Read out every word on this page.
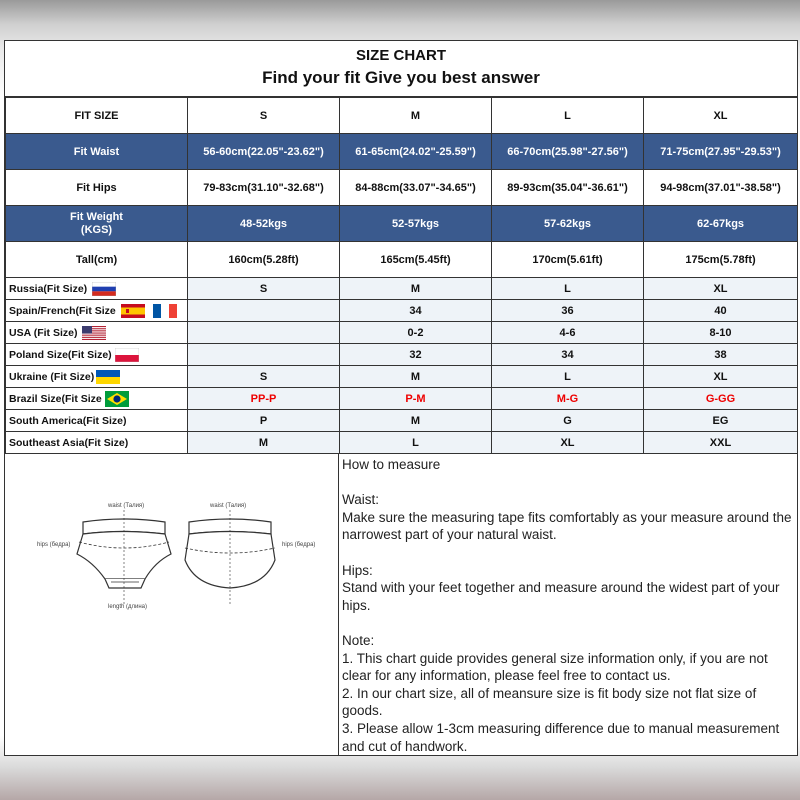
SIZE CHART
Find your fit Give you best answer
FIT SIZE	S	M	L	XL
Fit Waist	56-60cm(22.05"-23.62")	61-65cm(24.02"-25.59")	66-70cm(25.98"-27.56")	71-75cm(27.95"-29.53")
Fit Hips	79-83cm(31.10"-32.68")	84-88cm(33.07"-34.65")	89-93cm(35.04"-36.61")	94-98cm(37.01"-38.58")
Fit Weight
(KGS)	48-52kgs	52-57kgs	57-62kgs	62-67kgs
Tall(cm)	160cm(5.28ft)	165cm(5.45ft)	170cm(5.61ft)	175cm(5.78ft)
Russia(Fit Size)	S	M	L	XL
Spain/French(Fit Size		34	36	40
USA (Fit Size)		0-2	4-6	8-10
Poland Size(Fit Size)		32	34	38
Ukraine (Fit Size)	S	M	L	XL
Brazil Size(Fit Size	PP-P	P-M	M-G	G-GG
South America(Fit Size)	P	M	G	EG
Southeast Asia(Fit Size)	M	L	XL	XXL
waist (Талия)	waist (Талия)
hips (бедра)	hips (бедра)
length (длина)

How to measure

Waist:

Make sure the measuring tape fits comfortably as your measure around the narrowest part of your natural waist.

Hips:

Stand with your feet together and measure around the widest part of your hips.

Note:

1. This chart guide provides general size information only, if you are not clear for any information, please feel free to contact us.

2. In our chart size, all of meansure size is fit body size not flat size of goods.

3. Please allow 1-3cm measuring difference due to manual measurement and cut of handwork.
